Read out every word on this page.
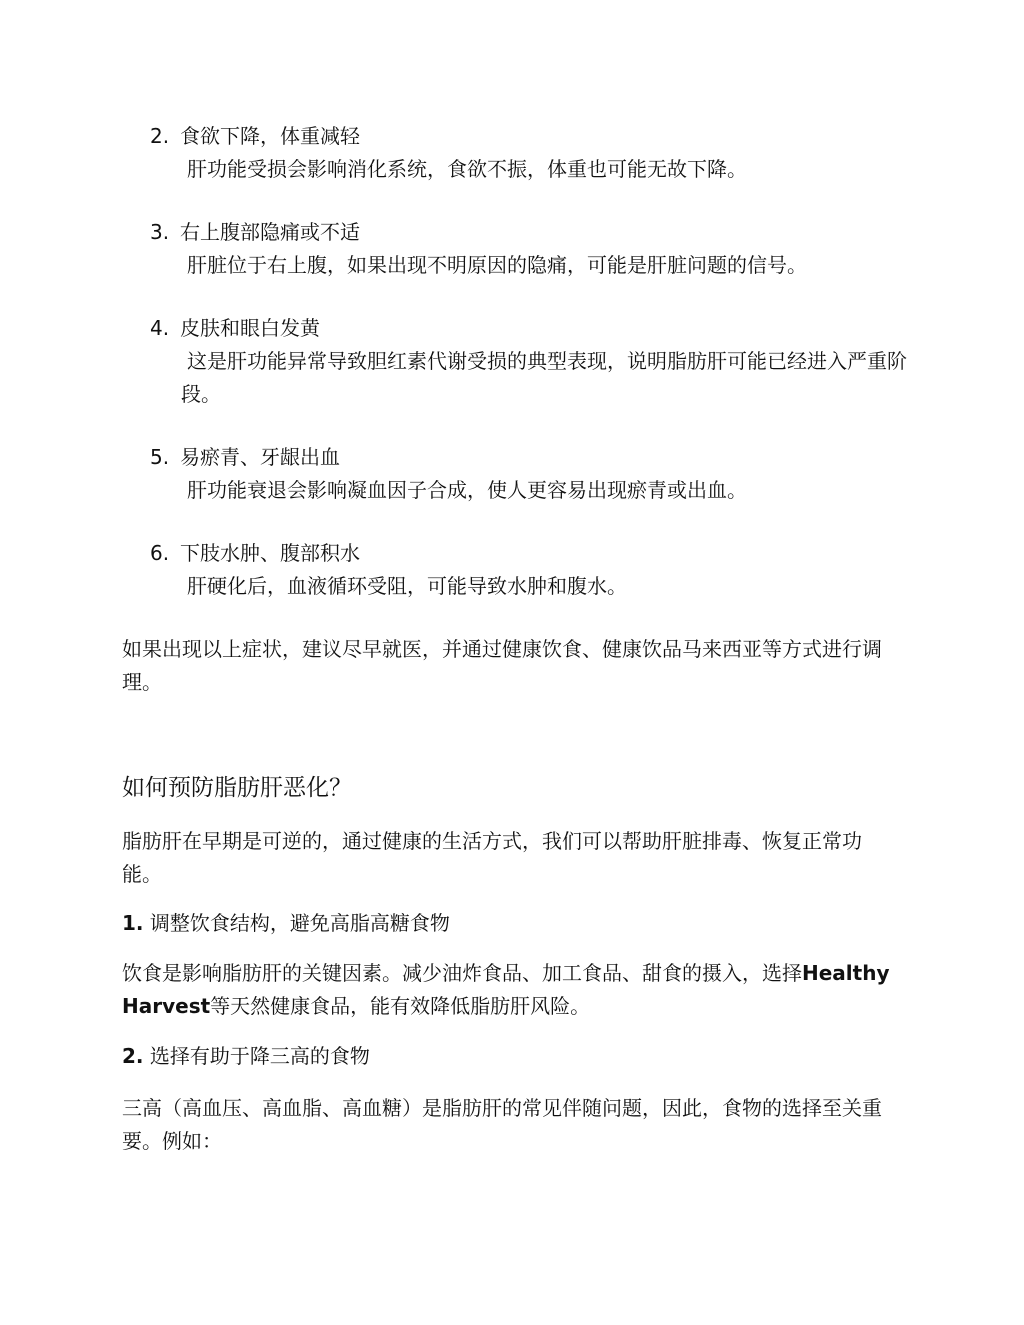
2. 食欲下降，体重减轻
肝功能受损会影响消化系统，食欲不振，体重也可能无故下降。
3. 右上腹部隐痛或不适
肝脏位于右上腹，如果出现不明原因的隐痛，可能是肝脏问题的信号。
4. 皮肤和眼白发黄
这是肝功能异常导致胆红素代谢受损的典型表现，说明脂肪肝可能已经进入严重阶段。
5. 易瘀青、牙龈出血
肝功能衰退会影响凝血因子合成，使人更容易出现瘀青或出血。
6. 下肢水肿、腹部积水
肝硬化后，血液循环受阻，可能导致水肿和腹水。

如果出现以上症状，建议尽早就医，并通过健康饮食、健康饮品马来西亚等方式进行调理。

如何预防脂肪肝恶化？

脂肪肝在早期是可逆的，通过健康的生活方式，我们可以帮助肝脏排毒、恢复正常功能。

1. 调整饮食结构，避免高脂高糖食物

饮食是影响脂肪肝的关键因素。减少油炸食品、加工食品、甜食的摄入，选择Healthy Harvest等天然健康食品，能有效降低脂肪肝风险。

2. 选择有助于降三高的食物

三高（高血压、高血脂、高血糖）是脂肪肝的常见伴随问题，因此，食物的选择至关重要。例如：
